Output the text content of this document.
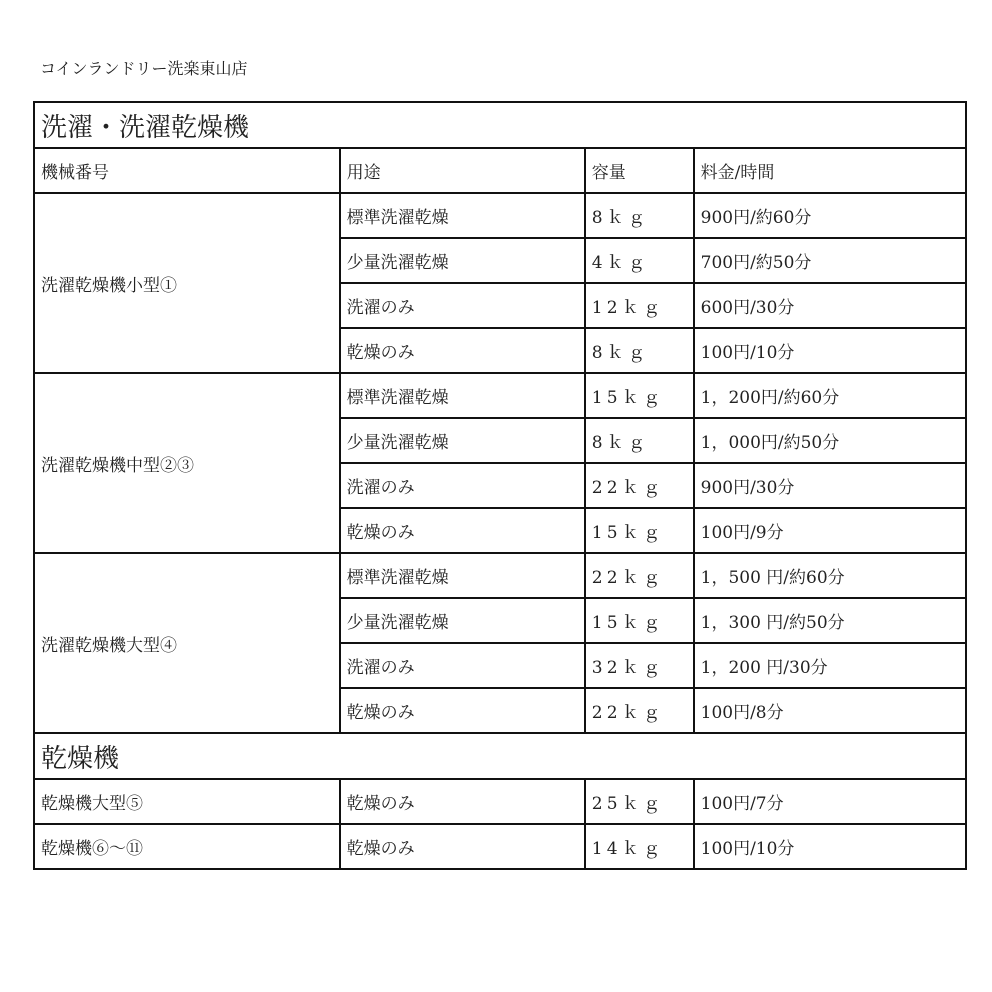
コインランドリー洗楽東山店
洗濯・洗濯乾燥機			
機械番号	用途	容量	料金/時間
洗濯乾燥機小型①	標準洗濯乾燥	8ｋｇ	900円/約60分
	少量洗濯乾燥	4ｋｇ	700円/約50分
	洗濯のみ	12ｋｇ	600円/30分
	乾燥のみ	8ｋｇ	100円/10分
洗濯乾燥機中型②③	標準洗濯乾燥	15ｋｇ	1，200円/約60分
	少量洗濯乾燥	8ｋｇ	1，000円/約50分
	洗濯のみ	22ｋｇ	900円/30分
	乾燥のみ	15ｋｇ	100円/9分
洗濯乾燥機大型④	標準洗濯乾燥	22ｋｇ	1，500 円/約60分
	少量洗濯乾燥	15ｋｇ	1，300 円/約50分
	洗濯のみ	32ｋｇ	1，200 円/30分
	乾燥のみ	22ｋｇ	100円/8分
乾燥機			
乾燥機大型⑤	乾燥のみ	25ｋｇ	100円/7分
乾燥機⑥～⑪	乾燥のみ	14ｋｇ	100円/10分
